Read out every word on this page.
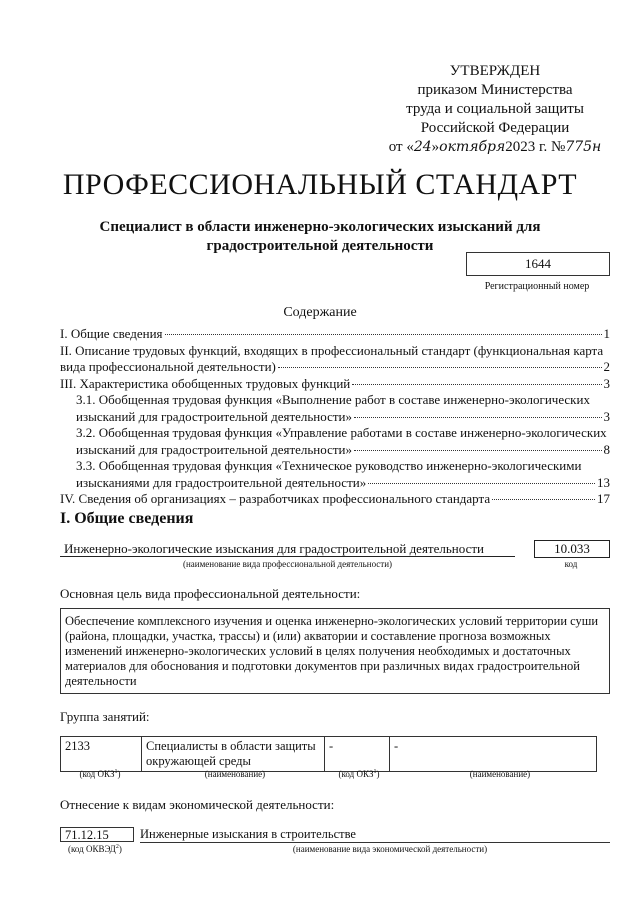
УТВЕРЖДЕН
приказом Министерства
труда и социальной защиты
Российской Федерации
от «24»октября2023 г. №775н
ПРОФЕССИОНАЛЬНЫЙ СТАНДАРТ
Специалист в области инженерно-экологических изысканий для
градостроительной деятельности
1644
Регистрационный номер
Содержание
I. Общие сведения	1
II. Описание трудовых функций, входящих в профессиональный стандарт (функциональная карта
вида профессиональной деятельности)	2
III. Характеристика обобщенных трудовых функций	3
3.1. Обобщенная трудовая функция «Выполнение работ в составе инженерно-экологических
изысканий для градостроительной деятельности»	3
3.2. Обобщенная трудовая функция «Управление работами в составе инженерно-экологических
изысканий для градостроительной деятельности»	8
3.3. Обобщенная трудовая функция «Техническое руководство инженерно-экологическими
изысканиями для градостроительной деятельности»	13
IV. Сведения об организациях – разработчиках профессионального стандарта	17
I. Общие сведения
Инженерно-экологические изыскания для градостроительной деятельности
(наименование вида профессиональной деятельности)
10.033
код
Основная цель вида профессиональной деятельности:
Обеспечение комплексного изучения и оценка инженерно-экологических условий территории суши (района, площадки, участка, трассы) и (или) акватории и составление прогноза возможных изменений инженерно-экологических условий в целях получения необходимых и достаточных материалов для обоснования и подготовки документов при различных видах градостроительной деятельности
Группа занятий:
2133	Специалисты в области защиты окружающей среды	-	-
(код ОКЗ$^1$)	(наименование)	(код ОКЗ$^1$)	(наименование)
Отнесение к видам экономической деятельности:
71.12.15	Инженерные изыскания в строительстве
(код ОКВЭД$^2$)	(наименование вида экономической деятельности)
